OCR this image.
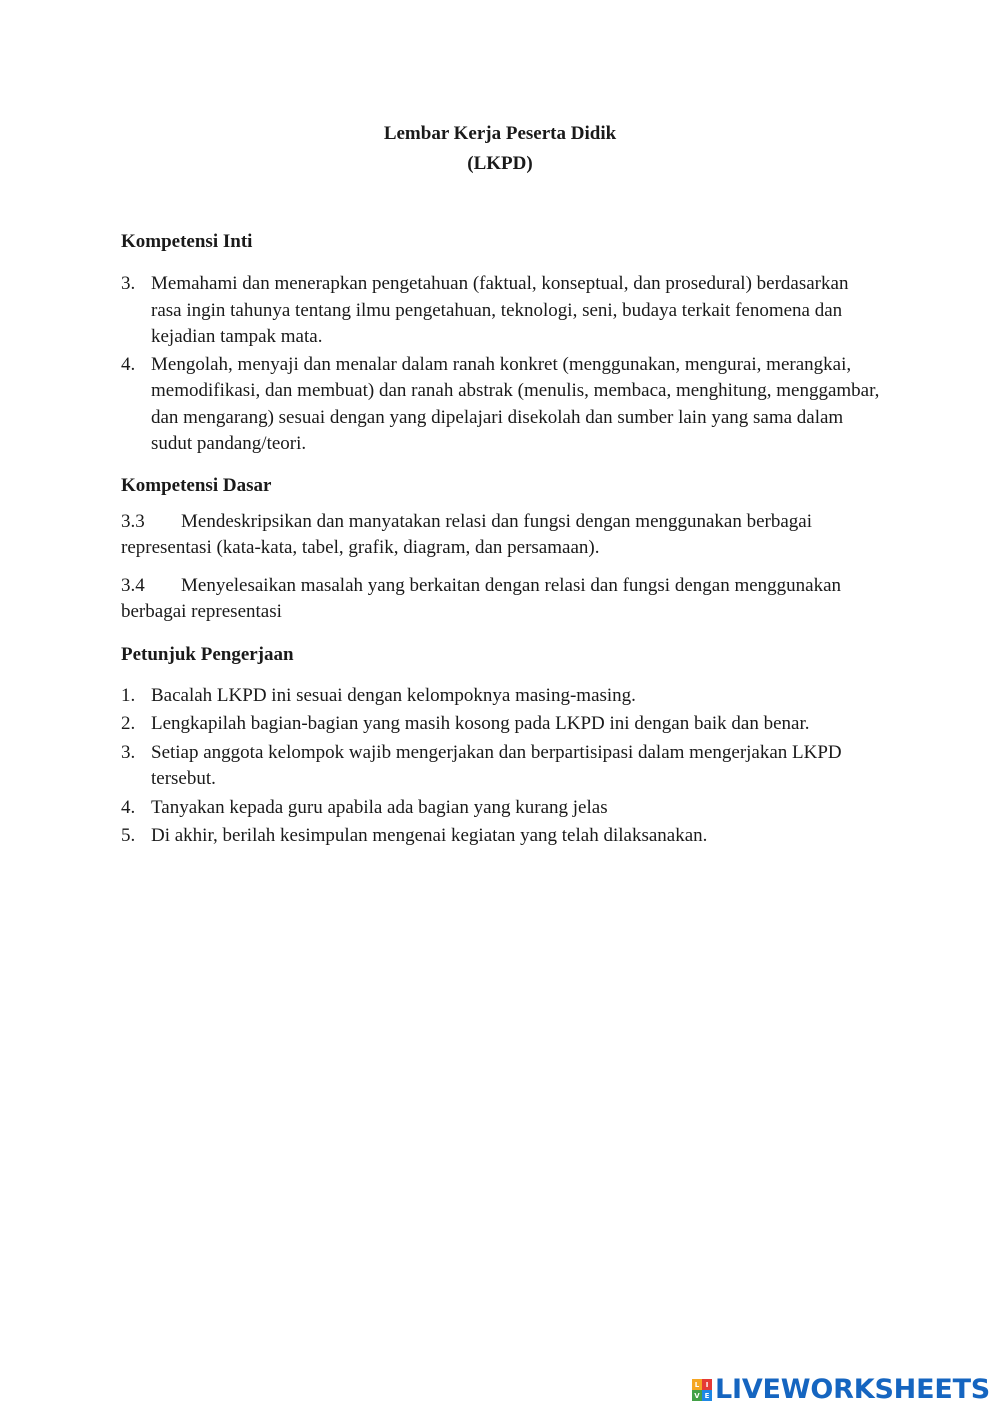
Lembar Kerja Peserta Didik
(LKPD)

Kompetensi Inti

3. Memahami dan menerapkan pengetahuan (faktual, konseptual, dan prosedural) berdasarkan rasa ingin tahunya tentang ilmu pengetahuan, teknologi, seni, budaya terkait fenomena dan kejadian tampak mata.
4. Mengolah, menyaji dan menalar dalam ranah konkret (menggunakan, mengurai, merangkai, memodifikasi, dan membuat) dan ranah abstrak (menulis, membaca, menghitung, menggambar, dan mengarang) sesuai dengan yang dipelajari disekolah dan sumber lain yang sama dalam sudut pandang/teori.

Kompetensi Dasar

3.3 Mendeskripsikan dan manyatakan relasi dan fungsi dengan menggunakan berbagai representasi (kata-kata, tabel, grafik, diagram, dan persamaan).

3.4 Menyelesaikan masalah yang berkaitan dengan relasi dan fungsi dengan menggunakan berbagai representasi

Petunjuk Pengerjaan

1. Bacalah LKPD ini sesuai dengan kelompoknya masing-masing.
2. Lengkapilah bagian-bagian yang masih kosong pada LKPD ini dengan baik dan benar.
3. Setiap anggota kelompok wajib mengerjakan dan berpartisipasi dalam mengerjakan LKPD tersebut.
4. Tanyakan kepada guru apabila ada bagian yang kurang jelas
5. Di akhir, berilah kesimpulan mengenai kegiatan yang telah dilaksanakan.
L I
V E LIVEWORKSHEETS
